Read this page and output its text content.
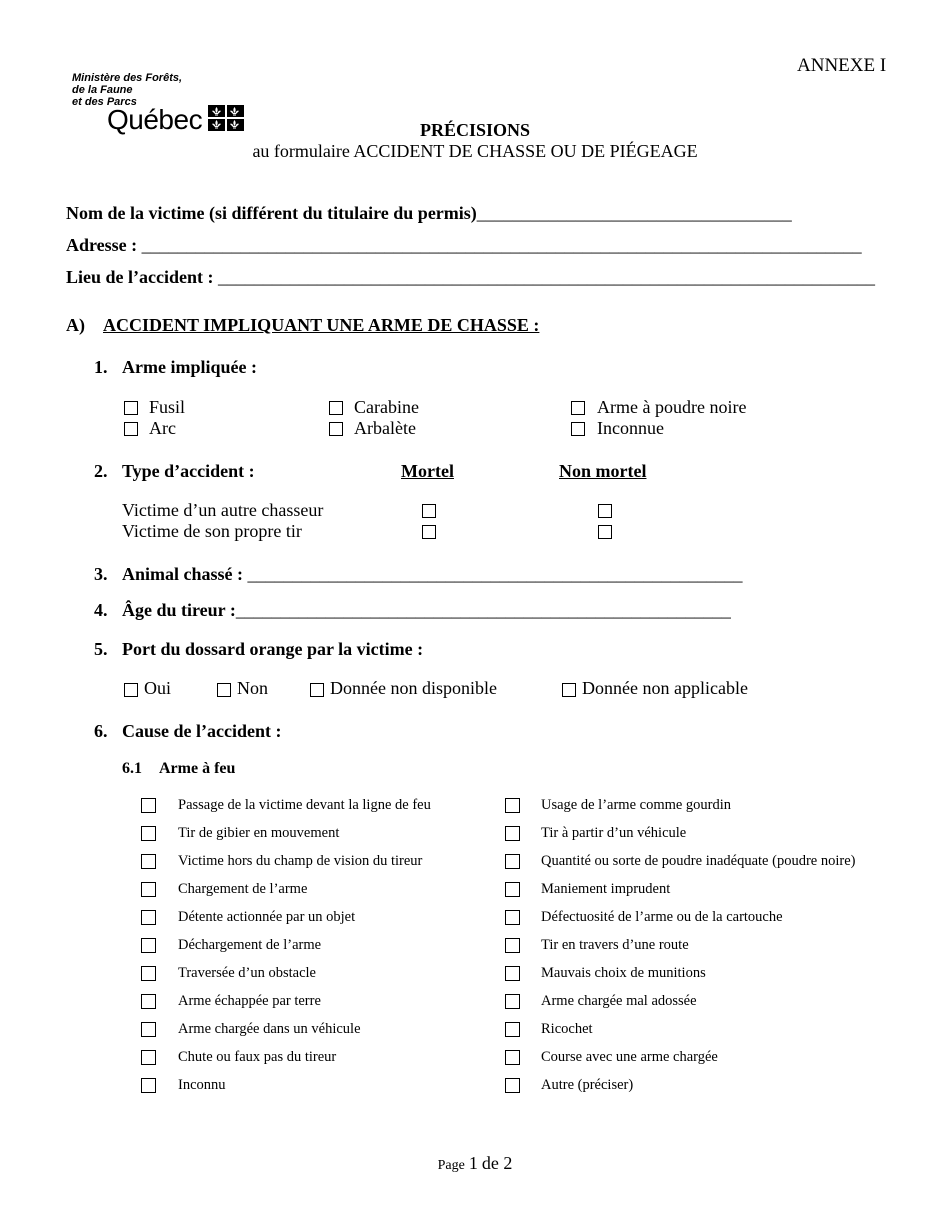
ANNEXE I
Ministère des Forêts,
de la Faune
et des Parcs
Québec	PRÉCISIONS
au formulaire ACCIDENT DE CHASSE OU DE PIÉGEAGE
Nom de la victime (si différent du titulaire du permis)___________________________________
Adresse : ________________________________________________________________________________
Lieu de l’accident : _________________________________________________________________________
A) ACCIDENT IMPLIQUANT UNE ARME DE CHASSE :
1. Arme impliquée :
Fusil	Carabine	Arme à poudre noire
Arc	Arbalète	Inconnue
2. Type d’accident :	Mortel	Non mortel
Victime d’un autre chasseur
Victime de son propre tir
3. Animal chassé : _______________________________________________________
4. Âge du tireur :_______________________________________________________
5. Port du dossard orange par la victime :
Oui	Non	Donnée non disponible	Donnée non applicable
6. Cause de l’accident :
6.1 Arme à feu
Passage de la victime devant la ligne de feu
Tir de gibier en mouvement
Victime hors du champ de vision du tireur
Chargement de l’arme
Détente actionnée par un objet
Déchargement de l’arme
Traversée d’un obstacle
Arme échappée par terre
Arme chargée dans un véhicule
Chute ou faux pas du tireur
Inconnu
Usage de l’arme comme gourdin
Tir à partir d’un véhicule
Quantité ou sorte de poudre inadéquate (poudre noire)
Maniement imprudent
Défectuosité de l’arme ou de la cartouche
Tir en travers d’une route
Mauvais choix de munitions
Arme chargée mal adossée
Ricochet
Course avec une arme chargée
Autre (préciser)
Page 1 de 2
